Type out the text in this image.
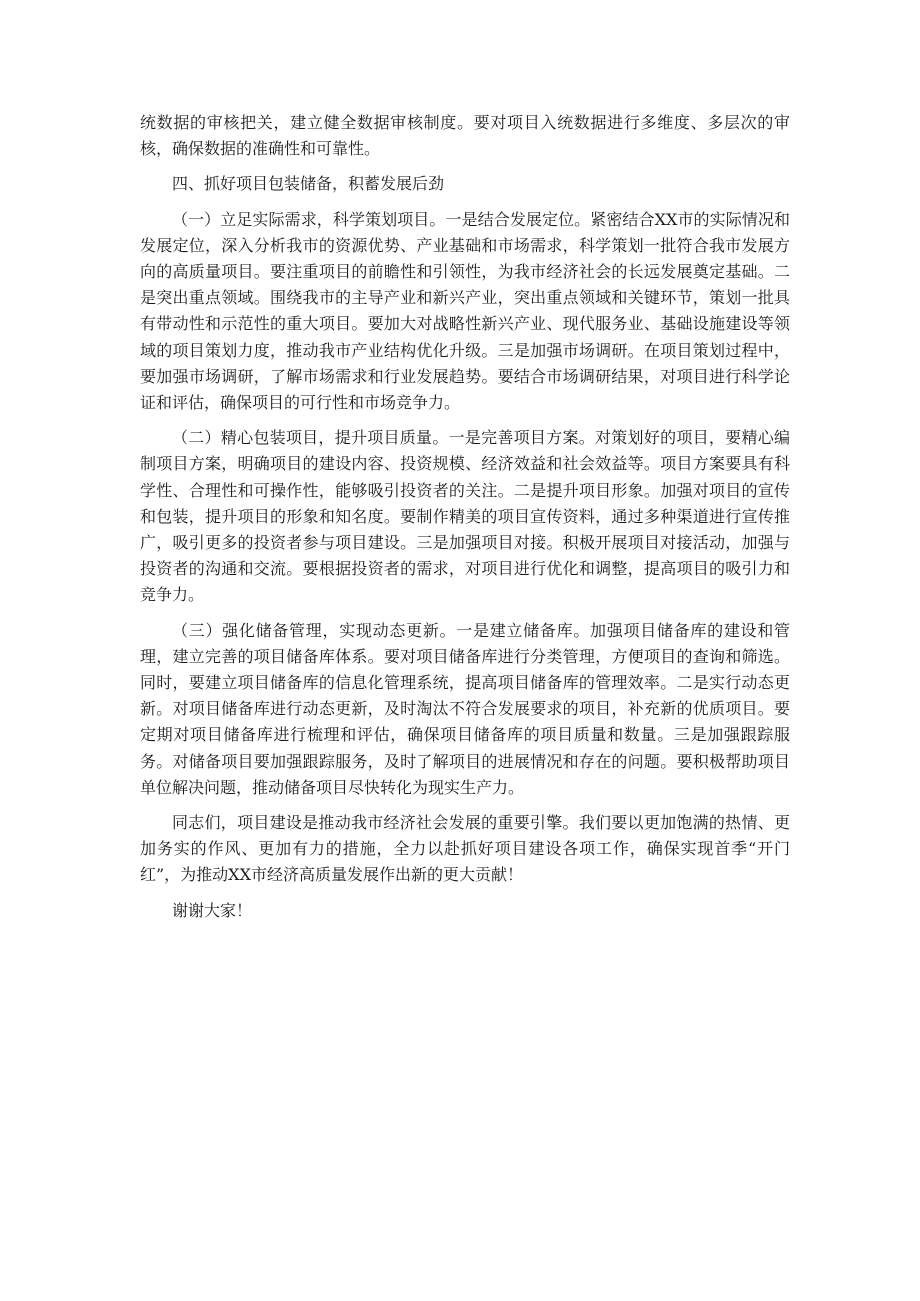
统数据的审核把关，建立健全数据审核制度。要对项目入统数据进行多维度、多层次的审核，确保数据的准确性和可靠性。

四、抓好项目包装储备，积蓄发展后劲

（一）立足实际需求，科学策划项目。一是结合发展定位。紧密结合XX市的实际情况和发展定位，深入分析我市的资源优势、产业基础和市场需求，科学策划一批符合我市发展方向的高质量项目。要注重项目的前瞻性和引领性，为我市经济社会的长远发展奠定基础。二是突出重点领域。围绕我市的主导产业和新兴产业，突出重点领域和关键环节，策划一批具有带动性和示范性的重大项目。要加大对战略性新兴产业、现代服务业、基础设施建设等领域的项目策划力度，推动我市产业结构优化升级。三是加强市场调研。在项目策划过程中，要加强市场调研，了解市场需求和行业发展趋势。要结合市场调研结果，对项目进行科学论证和评估，确保项目的可行性和市场竞争力。

（二）精心包装项目，提升项目质量。一是完善项目方案。对策划好的项目，要精心编制项目方案，明确项目的建设内容、投资规模、经济效益和社会效益等。项目方案要具有科学性、合理性和可操作性，能够吸引投资者的关注。二是提升项目形象。加强对项目的宣传和包装，提升项目的形象和知名度。要制作精美的项目宣传资料，通过多种渠道进行宣传推广，吸引更多的投资者参与项目建设。三是加强项目对接。积极开展项目对接活动，加强与投资者的沟通和交流。要根据投资者的需求，对项目进行优化和调整，提高项目的吸引力和竞争力。

（三）强化储备管理，实现动态更新。一是建立储备库。加强项目储备库的建设和管理，建立完善的项目储备库体系。要对项目储备库进行分类管理，方便项目的查询和筛选。同时，要建立项目储备库的信息化管理系统，提高项目储备库的管理效率。二是实行动态更新。对项目储备库进行动态更新，及时淘汰不符合发展要求的项目，补充新的优质项目。要定期对项目储备库进行梳理和评估，确保项目储备库的项目质量和数量。三是加强跟踪服务。对储备项目要加强跟踪服务，及时了解项目的进展情况和存在的问题。要积极帮助项目单位解决问题，推动储备项目尽快转化为现实生产力。

同志们，项目建设是推动我市经济社会发展的重要引擎。我们要以更加饱满的热情、更加务实的作风、更加有力的措施，全力以赴抓好项目建设各项工作，确保实现首季“开门红”，为推动XX市经济高质量发展作出新的更大贡献！

谢谢大家！
